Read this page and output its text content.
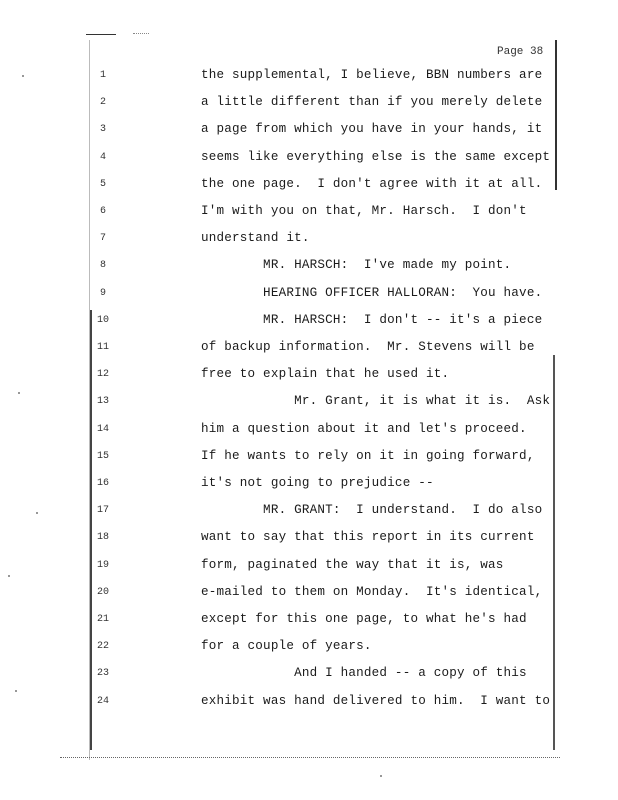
Page 38
1	the supplemental, I believe, BBN numbers are
2	a little different than if you merely delete
3	a page from which you have in your hands, it
4	seems like everything else is the same except
5	the one page.  I don't agree with it at all.
6	I'm with you on that, Mr. Harsch.  I don't
7	understand it.
8	MR. HARSCH:  I've made my point.
9	HEARING OFFICER HALLORAN:  You have.
10	MR. HARSCH:  I don't -- it's a piece
11	of backup information.  Mr. Stevens will be
12	free to explain that he used it.
13	Mr. Grant, it is what it is.  Ask
14	him a question about it and let's proceed.
15	If he wants to rely on it in going forward,
16	it's not going to prejudice --
17	MR. GRANT:  I understand.  I do also
18	want to say that this report in its current
19	form, paginated the way that it is, was
20	e-mailed to them on Monday.  It's identical,
21	except for this one page, to what he's had
22	for a couple of years.
23	And I handed -- a copy of this
24	exhibit was hand delivered to him.  I want to
